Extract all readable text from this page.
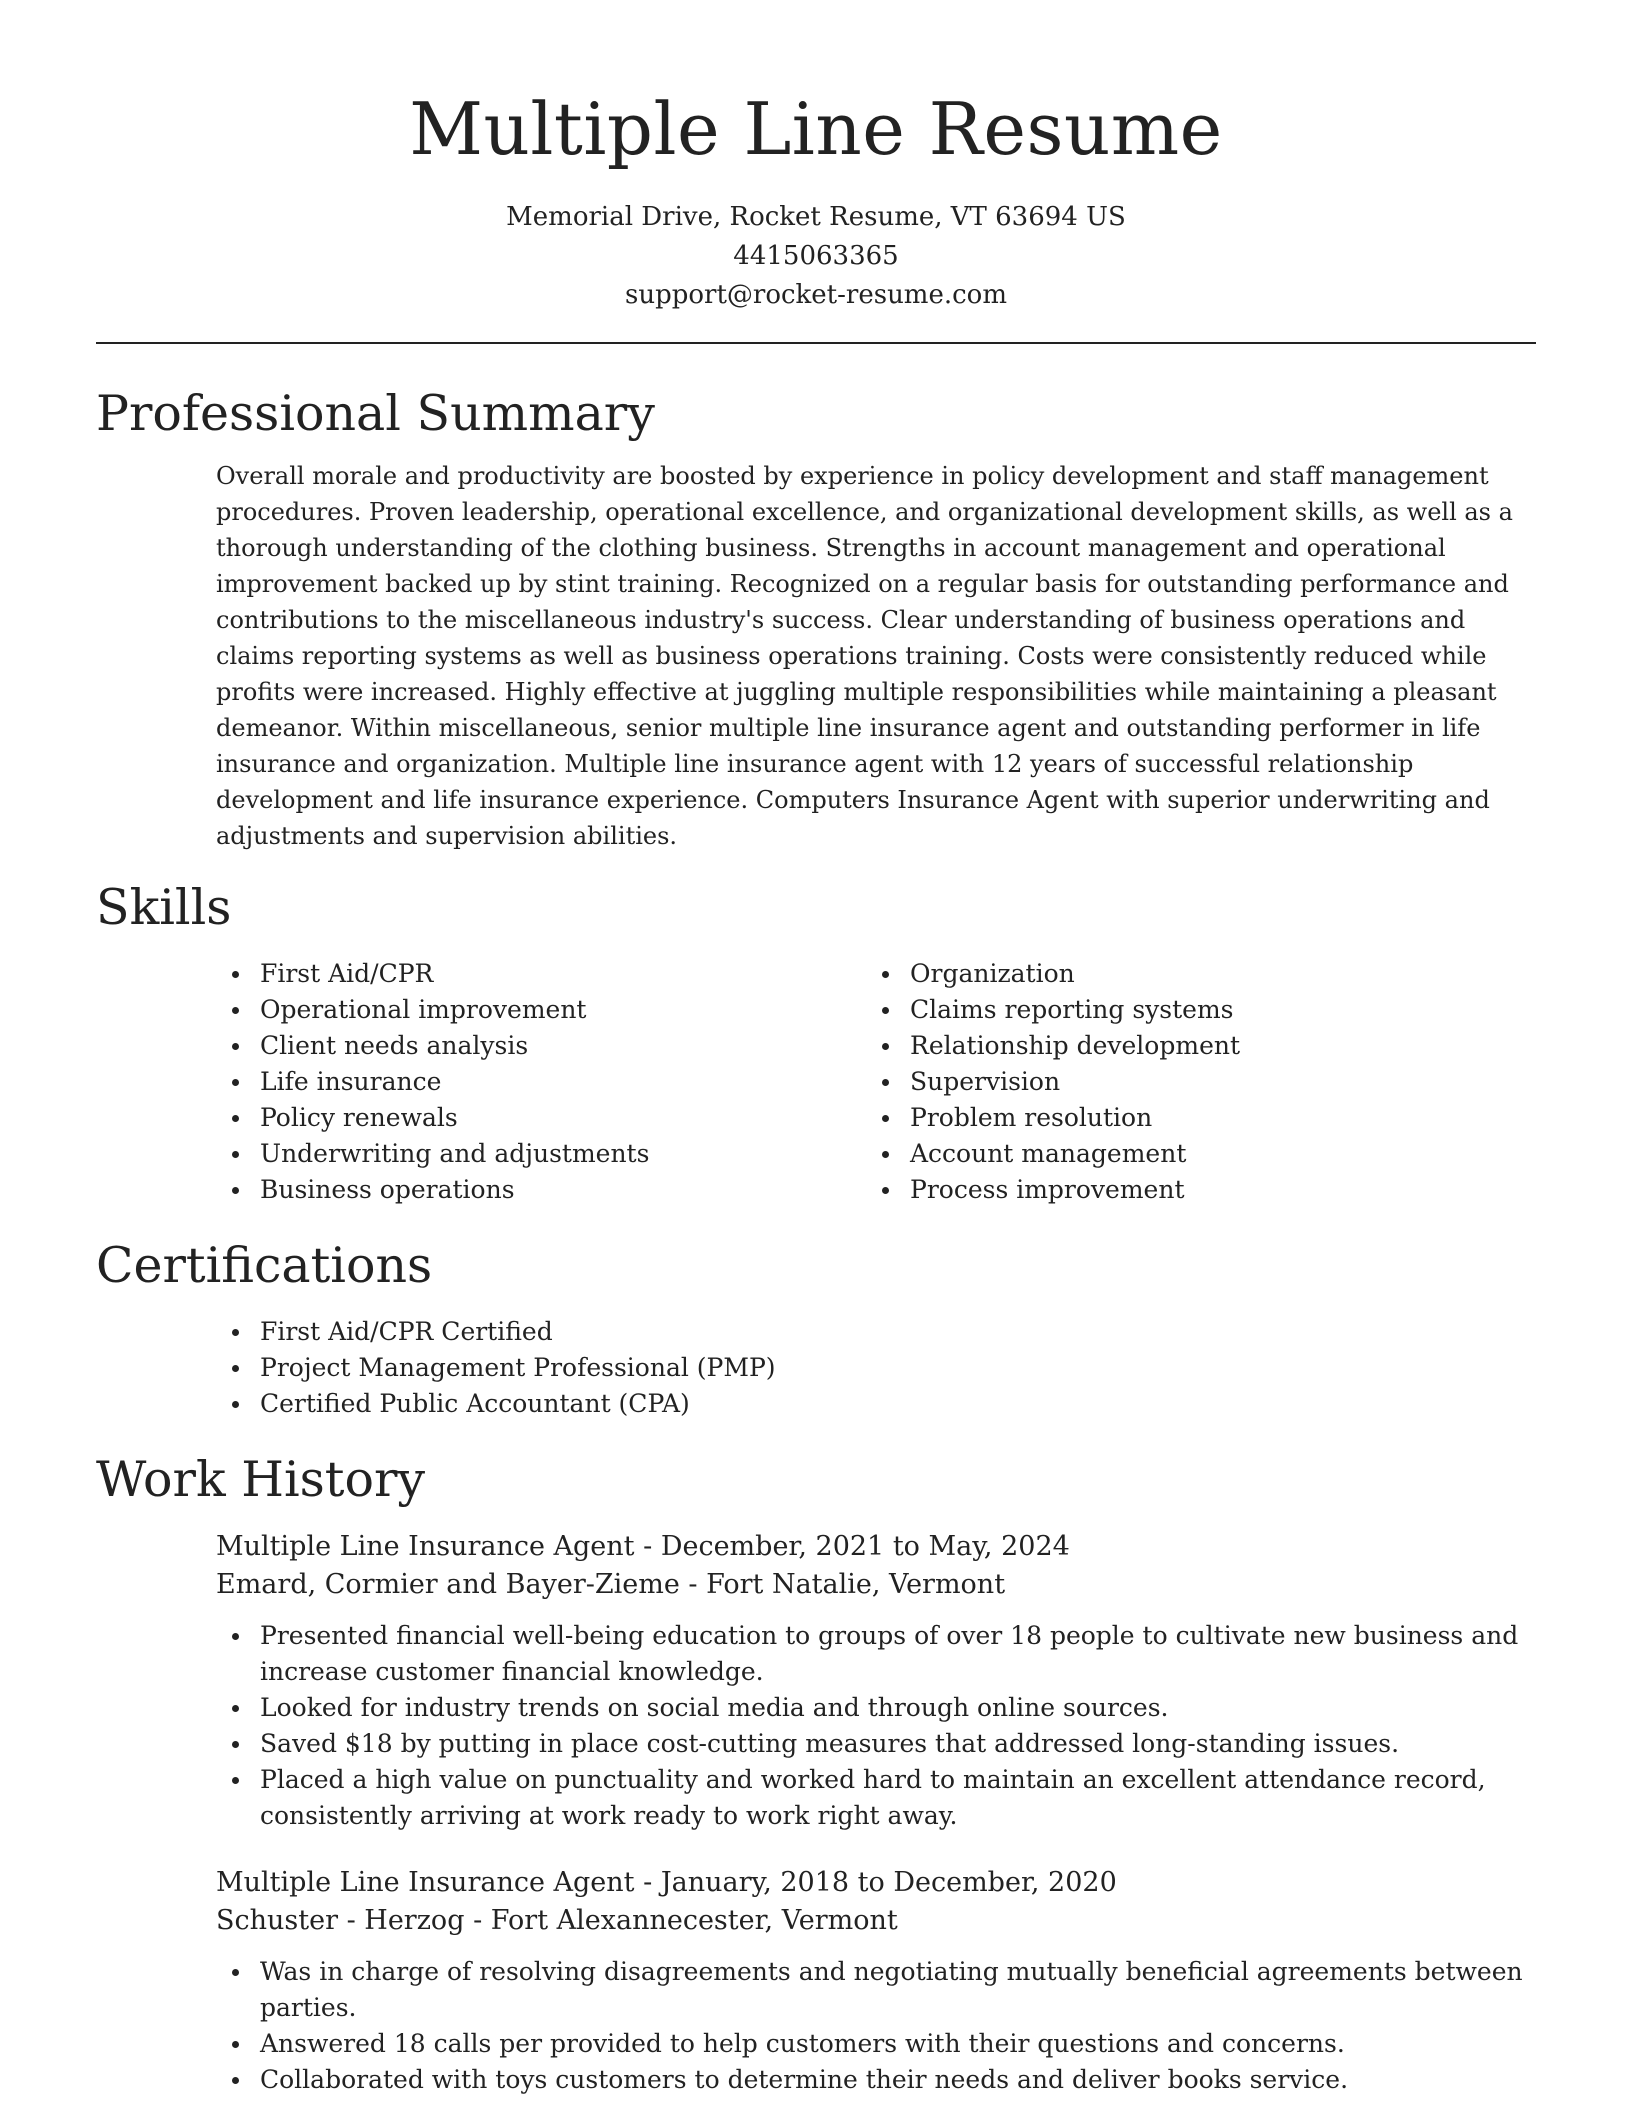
Multiple Line Resume
Memorial Drive, Rocket Resume, VT 63694 US
4415063365
support@rocket-resume.com
Professional Summary

Overall morale and productivity are boosted by experience in policy development and staff management procedures. Proven leadership, operational excellence, and organizational development skills, as well as a thorough understanding of the clothing business. Strengths in account management and operational improvement backed up by stint training. Recognized on a regular basis for outstanding performance and contributions to the miscellaneous industry's success. Clear understanding of business operations and claims reporting systems as well as business operations training. Costs were consistently reduced while profits were increased. Highly effective at juggling multiple responsibilities while maintaining a pleasant demeanor. Within miscellaneous, senior multiple line insurance agent and outstanding performer in life insurance and organization. Multiple line insurance agent with 12 years of successful relationship development and life insurance experience. Computers Insurance Agent with superior underwriting and adjustments and supervision abilities.

Skills
First Aid/CPR
Operational improvement
Client needs analysis
Life insurance
Policy renewals
Underwriting and adjustments
Business operations
Organization
Claims reporting systems
Relationship development
Supervision
Problem resolution
Account management
Process improvement
Certifications
First Aid/CPR Certified
Project Management Professional (PMP)
Certified Public Accountant (CPA)
Work History
Multiple Line Insurance Agent - December, 2021 to May, 2024
Emard, Cormier and Bayer-Zieme - Fort Natalie, Vermont
Presented financial well-being education to groups of over 18 people to cultivate new business and increase customer financial knowledge.
Looked for industry trends on social media and through online sources.
Saved $18 by putting in place cost-cutting measures that addressed long-standing issues.
Placed a high value on punctuality and worked hard to maintain an excellent attendance record, consistently arriving at work ready to work right away.
Multiple Line Insurance Agent - January, 2018 to December, 2020
Schuster - Herzog - Fort Alexannecester, Vermont
Was in charge of resolving disagreements and negotiating mutually beneficial agreements between parties.
Answered 18 calls per provided to help customers with their questions and concerns.
Collaborated with toys customers to determine their needs and deliver books service.
